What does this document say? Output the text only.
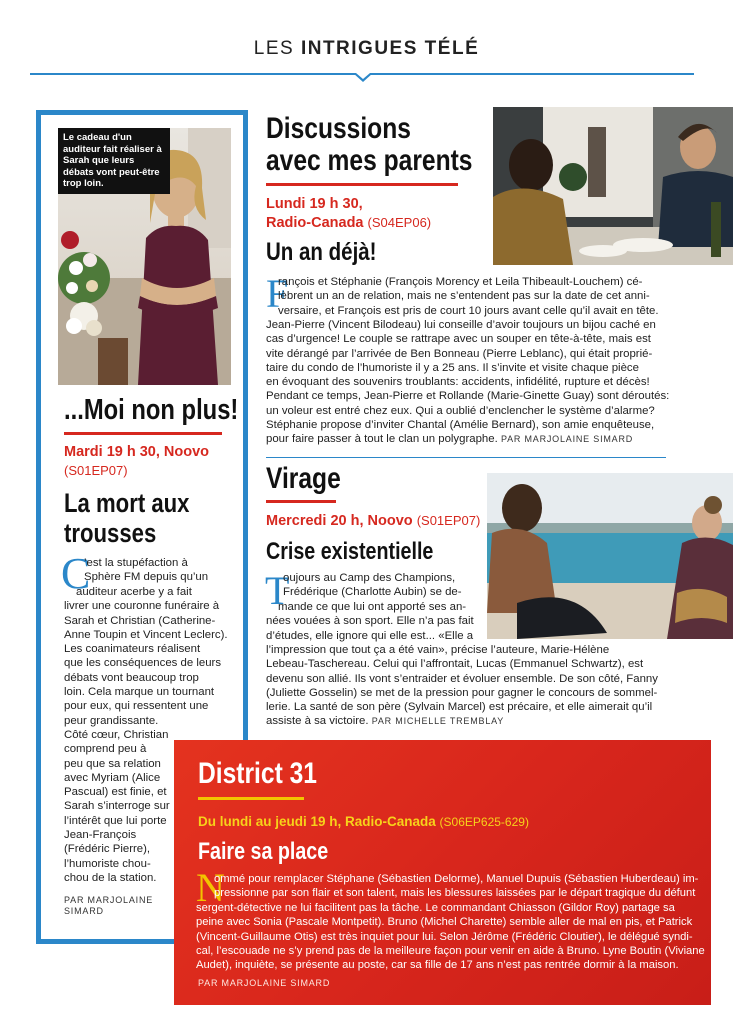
LES INTRIGUES TÉLÉ
Le cadeau d'un auditeur fait réaliser à Sarah que leurs débats vont peut-être trop loin.
...Moi non plus!
Mardi 19 h 30, Noovo
(S01EP07)
La mort aux
trousses
C
’est la stupéfaction à
Sphère FM depuis qu’un
auditeur acerbe y a fait
livrer une couronne funéraire à
Sarah et Christian (Catherine-
Anne Toupin et Vincent Leclerc).
Les coanimateurs réalisent
que les conséquences de leurs
débats vont beaucoup trop
loin. Cela marque un tournant
pour eux, qui ressentent une
peur grandissante.
Côté cœur, Christian
comprend peu à
peu que sa relation
avec Myriam (Alice
Pascual) est finie, et
Sarah s’interroge sur
l’intérêt que lui porte
Jean-François
(Frédéric Pierre),
l’humoriste chou-
chou de la station.
PAR MARJOLAINE
SIMARD
Discussions
avec mes parents
Lundi 19 h 30,
Radio-Canada (S04EP06)
Un an déjà!
F
rançois et Stéphanie (François Morency et Leila Thibeault-Louchem) cé-
lèbrent un an de relation, mais ne s’entendent pas sur la date de cet anni-
versaire, et François est pris de court 10 jours avant celle qu’il avait en tête.
Jean-Pierre (Vincent Bilodeau) lui conseille d’avoir toujours un bijou caché en
cas d’urgence! Le couple se rattrape avec un souper en tête-à-tête, mais est
vite dérangé par l’arrivée de Ben Bonneau (Pierre Leblanc), qui était proprié-
taire du condo de l’humoriste il y a 25 ans. Il s’invite et visite chaque pièce
en évoquant des souvenirs troublants: accidents, infidélité, rupture et décès!
Pendant ce temps, Jean-Pierre et Rollande (Marie-Ginette Guay) sont déroutés:
un voleur est entré chez eux. Qui a oublié d’enclencher le système d’alarme?
Stéphanie propose d’inviter Chantal (Amélie Bernard), son amie enquêteuse,
pour faire passer à tout le clan un polygraphe. PAR MARJOLAINE SIMARD
Virage
Mercredi 20 h, Noovo (S01EP07)
Crise existentielle
T
oujours au Camp des Champions,
Frédérique (Charlotte Aubin) se de-
mande ce que lui ont apporté ses an-
nées vouées à son sport. Elle n’a pas fait
d’études, elle ignore qui elle est... «Elle a
l’impression que tout ça a été vain», précise l’auteure, Marie-Hélène
Lebeau-Taschereau. Celui qui l’affrontait, Lucas (Emmanuel Schwartz), est
devenu son allié. Ils vont s’entraider et évoluer ensemble. De son côté, Fanny
(Juliette Gosselin) se met de la pression pour gagner le concours de sommel-
lerie. La santé de son père (Sylvain Marcel) est précaire, et elle aimerait qu’il
assiste à sa victoire. PAR MICHELLE TREMBLAY
District 31
Du lundi au jeudi 19 h, Radio-Canada (S06EP625-629)
Faire sa place
N
ommé pour remplacer Stéphane (Sébastien Delorme), Manuel Dupuis (Sébastien Huberdeau) im-
pressionne par son flair et son talent, mais les blessures laissées par le départ tragique du défunt
sergent-détective ne lui facilitent pas la tâche. Le commandant Chiasson (Gildor Roy) partage sa
peine avec Sonia (Pascale Montpetit). Bruno (Michel Charette) semble aller de mal en pis, et Patrick
(Vincent-Guillaume Otis) est très inquiet pour lui. Selon Jérôme (Frédéric Cloutier), le délégué syndi-
cal, l’escouade ne s’y prend pas de la meilleure façon pour venir en aide à Bruno. Lyne Boutin (Viviane
Audet), inquiète, se présente au poste, car sa fille de 17 ans n’est pas rentrée dormir à la maison.
PAR MARJOLAINE SIMARD
